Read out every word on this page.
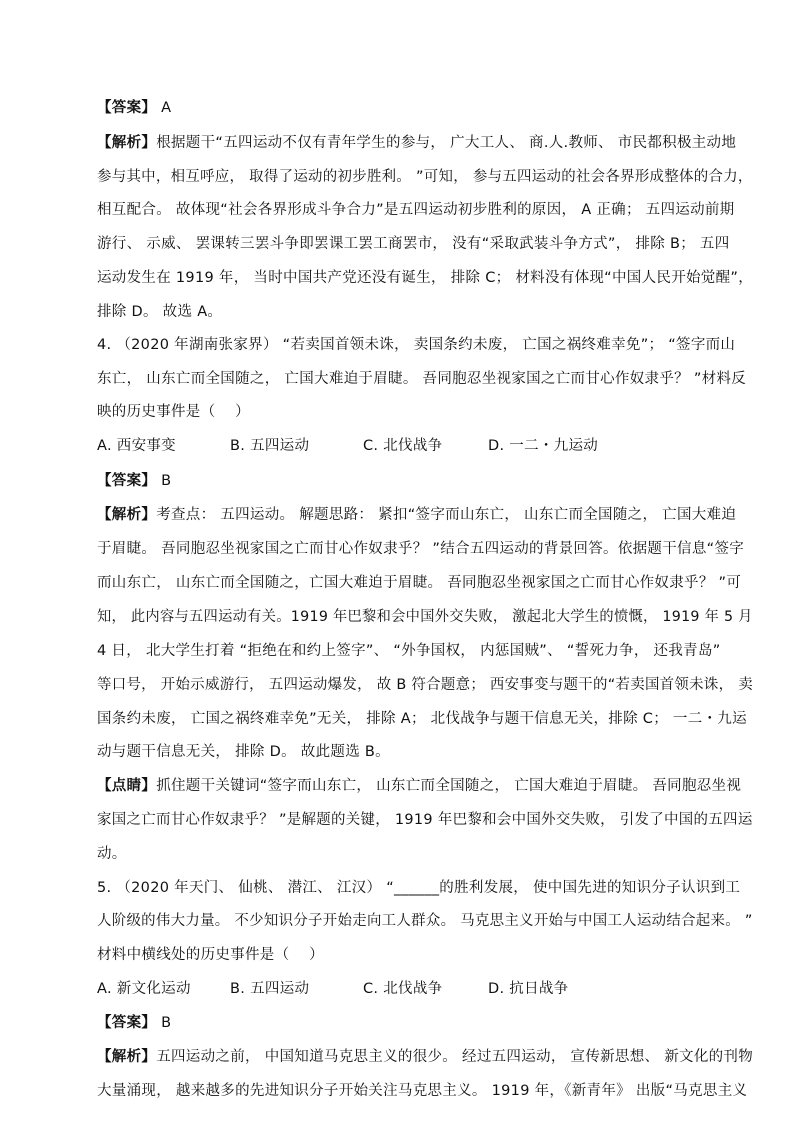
【答案】 A
【解析】根据题干“五四运动不仅有青年学生的参与， 广大工人、 商.人.教师、 市民都积极主动地
参与其中，相互呼应， 取得了运动的初步胜利。 ”可知， 参与五四运动的社会各界形成整体的合力，
相互配合。 故体现“社会各界形成斗争合力”是五四运动初步胜利的原因， A 正确； 五四运动前期
游行、 示威、 罢课转三罢斗争即罢课工罢工商罢市， 没有“采取武装斗争方式”， 排除 B； 五四
运动发生在 1919 年， 当时中国共产党还没有诞生， 排除 C； 材料没有体现“中国人民开始觉醒”，
排除 D。 故选 A。
4. （2020 年湖南张家界） “若卖国首领未诛， 卖国条约未废， 亡国之祸终难幸免”； “签字而山
东亡， 山东亡而全国随之， 亡国大难迫于眉睫。 吾同胞忍坐视家国之亡而甘心作奴隶乎？ ”材料反
映的历史事件是（　 ）
A. 西安事变	B. 五四运动	C. 北伐战争	D. 一二・九运动
【答案】 B
【解析】考查点： 五四运动。 解题思路： 紧扣“签字而山东亡， 山东亡而全国随之， 亡国大难迫
于眉睫。 吾同胞忍坐视家国之亡而甘心作奴隶乎？ ”结合五四运动的背景回答。依据题干信息“签字
而山东亡， 山东亡而全国随之，亡国大难迫于眉睫。 吾同胞忍坐视家国之亡而甘心作奴隶乎？ ”可
知， 此内容与五四运动有关。1919 年巴黎和会中国外交失败， 激起北大学生的愤慨， 1919 年 5 月
4 日， 北大学生打着 “拒绝在和约上签字”、 “外争国权， 内惩国贼”、 “誓死力争， 还我青岛”
等口号， 开始示威游行， 五四运动爆发， 故 B 符合题意； 西安事变与题干的“若卖国首领未诛， 卖
国条约未废， 亡国之祸终难幸免”无关， 排除 A； 北伐战争与题干信息无关，排除 C； 一二・九运
动与题干信息无关， 排除 D。 故此题选 B。
【点睛】抓住题干关键词“签字而山东亡， 山东亡而全国随之， 亡国大难迫于眉睫。 吾同胞忍坐视
家国之亡而甘心作奴隶乎？ ”是解题的关键， 1919 年巴黎和会中国外交失败， 引发了中国的五四运
动。
5. （2020 年天门、 仙桃、 潜江、 江汉） “______的胜利发展， 使中国先进的知识分子认识到工
人阶级的伟大力量。 不少知识分子开始走向工人群众。 马克思主义开始与中国工人运动结合起来。 ”
材料中横线处的历史事件是（　 ）
A. 新文化运动	B. 五四运动	C. 北伐战争	D. 抗日战争
【答案】 B
【解析】五四运动之前， 中国知道马克思主义的很少。 经过五四运动， 宣传新思想、 新文化的刊物
大量涌现， 越来越多的先进知识分子开始关注马克思主义。 1919 年，《新青年》 出版“马克思主义
